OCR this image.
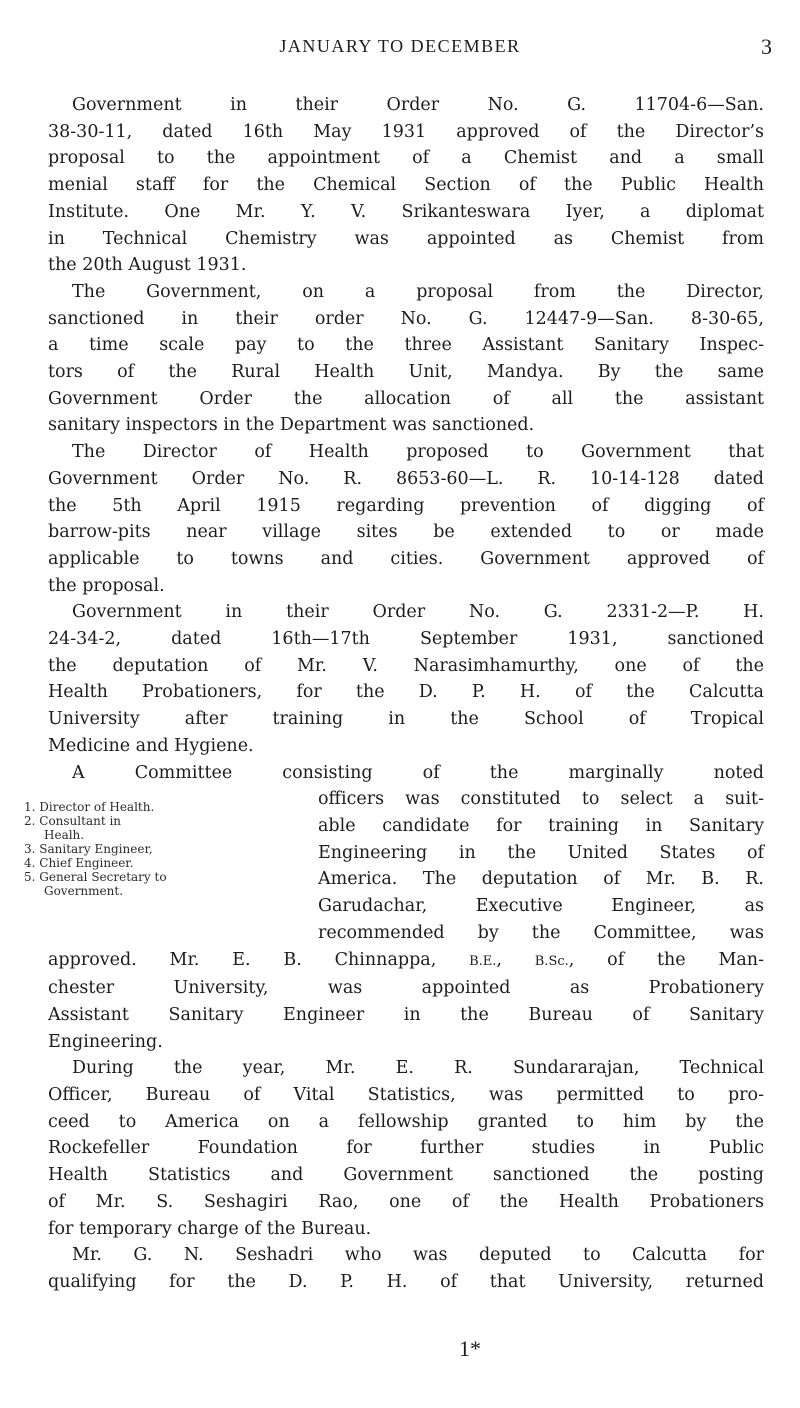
JANUARY TO DECEMBER	3
Government in their Order No. G. 11704-6—San.
38-30-11, dated 16th May 1931 approved of the Director’s
proposal to the appointment of a Chemist and a small
menial staff for the Chemical Section of the Public Health
Institute. One Mr. Y. V. Srikanteswara Iyer, a diplomat
in Technical Chemistry was appointed as Chemist from
the 20th August 1931.
The Government, on a proposal from the Director,
sanctioned in their order No. G. 12447-9—San. 8-30-65,
a time scale pay to the three Assistant Sanitary Inspec-
tors of the Rural Health Unit, Mandya. By the same
Government Order the allocation of all the assistant
sanitary inspectors in the Department was sanctioned.
The Director of Health proposed to Government that
Government Order No. R. 8653-60—L. R. 10-14-128 dated
the 5th April 1915 regarding prevention of digging of
barrow-pits near village sites be extended to or made
applicable to towns and cities. Government approved of
the proposal.
Government in their Order No. G. 2331-2—P. H.
24-34-2, dated 16th—17th September 1931, sanctioned
the deputation of Mr. V. Narasimhamurthy, one of the
Health Probationers, for the D. P. H. of the Calcutta
University after training in the School of Tropical
Medicine and Hygiene.
A Committee consisting of the marginally noted
officers was constituted to select a suit-
able candidate for training in Sanitary
Engineering in the United States of
America. The deputation of Mr. B. R.
Garudachar, Executive Engineer, as
recommended by the Committee, was
approved. Mr. E. B. Chinnappa, B.E., B.Sc., of the Man-
chester University, was appointed as Probationery
Assistant Sanitary Engineer in the Bureau of Sanitary
Engineering.
During the year, Mr. E. R. Sundararajan, Technical
Officer, Bureau of Vital Statistics, was permitted to pro-
ceed to America on a fellowship granted to him by the
Rockefeller Foundation for further studies in Public
Health Statistics and Government sanctioned the posting
of Mr. S. Seshagiri Rao, one of the Health Probationers
for temporary charge of the Bureau.
Mr. G. N. Seshadri who was deputed to Calcutta for
qualifying for the D. P. H. of that University, returned
1. Director of Health.
2. Consultant in
Healh.
3. Sanitary Engineer,
4. Chief Engineer.
5. General Secretary to
Government.
1*
